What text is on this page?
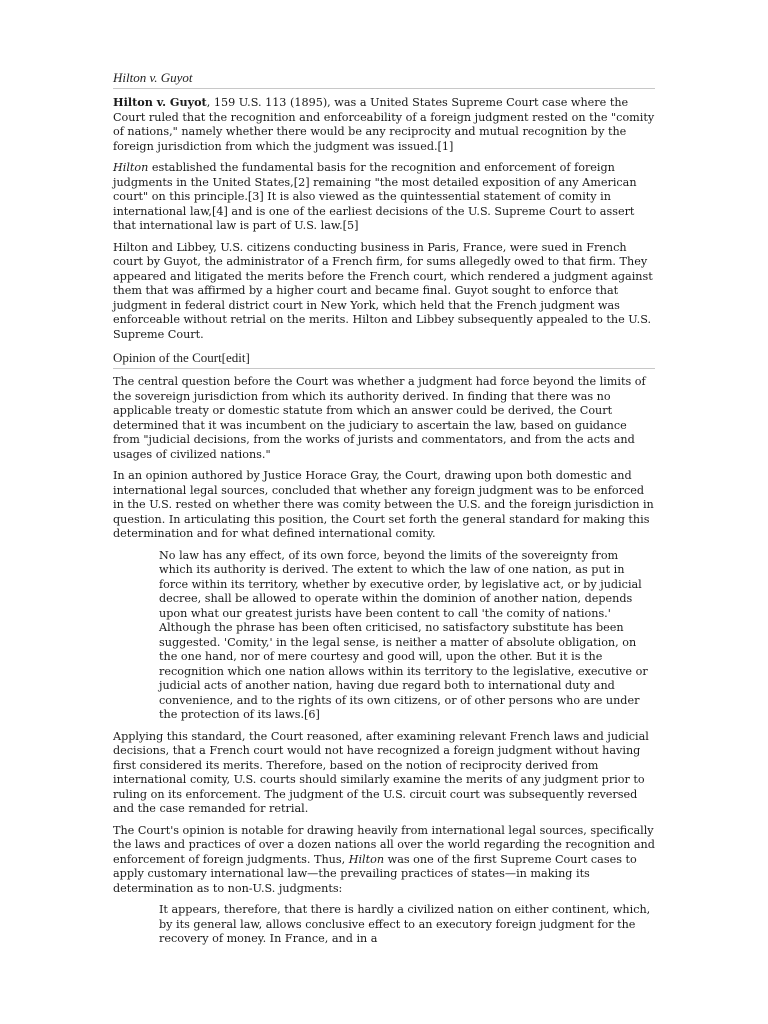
Hilton v. Guyot

Hilton v. Guyot, 159 U.S. 113 (1895), was a United States Supreme Court case where the Court ruled that the recognition and enforceability of a foreign judgment rested on the "comity of nations," namely whether there would be any reciprocity and mutual recognition by the foreign jurisdiction from which the judgment was issued.[1]

Hilton established the fundamental basis for the recognition and enforcement of foreign judgments in the United States,[2] remaining "the most detailed exposition of any American court" on this principle.[3] It is also viewed as the quintessential statement of comity in international law,[4] and is one of the earliest decisions of the U.S. Supreme Court to assert that international law is part of U.S. law.[5]

Hilton and Libbey, U.S. citizens conducting business in Paris, France, were sued in French court by Guyot, the administrator of a French firm, for sums allegedly owed to that firm. They appeared and litigated the merits before the French court, which rendered a judgment against them that was affirmed by a higher court and became final. Guyot sought to enforce that judgment in federal district court in New York, which held that the French judgment was enforceable without retrial on the merits. Hilton and Libbey subsequently appealed to the U.S. Supreme Court.

Opinion of the Court[edit]

The central question before the Court was whether a judgment had force beyond the limits of the sovereign jurisdiction from which its authority derived. In finding that there was no applicable treaty or domestic statute from which an answer could be derived, the Court determined that it was incumbent on the judiciary to ascertain the law, based on guidance from "judicial decisions, from the works of jurists and commentators, and from the acts and usages of civilized nations."

In an opinion authored by Justice Horace Gray, the Court, drawing upon both domestic and international legal sources, concluded that whether any foreign judgment was to be enforced in the U.S. rested on whether there was comity between the U.S. and the foreign jurisdiction in question. In articulating this position, the Court set forth the general standard for making this determination and for what defined international comity.

No law has any effect, of its own force, beyond the limits of the sovereignty from which its authority is derived. The extent to which the law of one nation, as put in force within its territory, whether by executive order, by legislative act, or by judicial decree, shall be allowed to operate within the dominion of another nation, depends upon what our greatest jurists have been content to call 'the comity of nations.' Although the phrase has been often criticised, no satisfactory substitute has been suggested. 'Comity,' in the legal sense, is neither a matter of absolute obligation, on the one hand, nor of mere courtesy and good will, upon the other. But it is the recognition which one nation allows within its territory to the legislative, executive or judicial acts of another nation, having due regard both to international duty and convenience, and to the rights of its own citizens, or of other persons who are under the protection of its laws.[6]

Applying this standard, the Court reasoned, after examining relevant French laws and judicial decisions, that a French court would not have recognized a foreign judgment without having first considered its merits. Therefore, based on the notion of reciprocity derived from international comity, U.S. courts should similarly examine the merits of any judgment prior to ruling on its enforcement. The judgment of the U.S. circuit court was subsequently reversed and the case remanded for retrial.

The Court's opinion is notable for drawing heavily from international legal sources, specifically the laws and practices of over a dozen nations all over the world regarding the recognition and enforcement of foreign judgments. Thus, Hilton was one of the first Supreme Court cases to apply customary international law—the prevailing practices of states—in making its determination as to non-U.S. judgments:

It appears, therefore, that there is hardly a civilized nation on either continent, which, by its general law, allows conclusive effect to an executory foreign judgment for the recovery of money. In France, and in a
